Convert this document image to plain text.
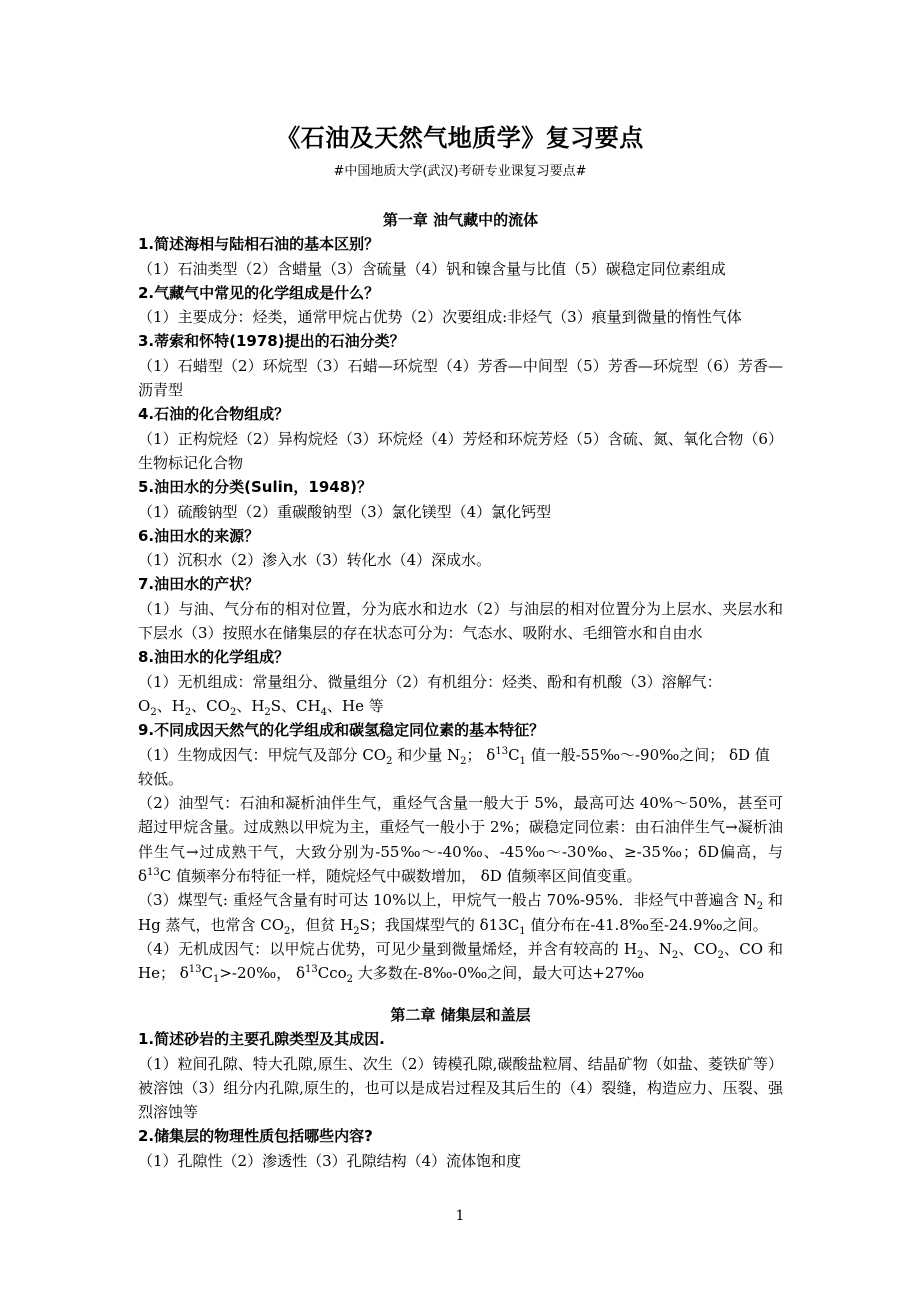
《石油及天然气地质学》复习要点
#中国地质大学(武汉)考研专业课复习要点#
第一章 油气藏中的流体
1.简述海相与陆相石油的基本区别？
（1）石油类型（2）含蜡量（3）含硫量（4）钒和镍含量与比值（5）碳稳定同位素组成
2.气藏气中常见的化学组成是什么？
（1）主要成分：烃类，通常甲烷占优势（2）次要组成:非烃气（3）痕量到微量的惰性气体
3.蒂索和怀特(1978)提出的石油分类？
（1）石蜡型（2）环烷型（3）石蜡—环烷型（4）芳香—中间型（5）芳香—环烷型（6）芳香—沥青型
4.石油的化合物组成？
（1）正构烷烃（2）异构烷烃（3）环烷烃（4）芳烃和环烷芳烃（5）含硫、氮、氧化合物（6）生物标记化合物
5.油田水的分类(Sulin，1948)？
（1）硫酸钠型（2）重碳酸钠型（3）氯化镁型（4）氯化钙型
6.油田水的来源？
（1）沉积水（2）渗入水（3）转化水（4）深成水。
7.油田水的产状？
（1）与油、气分布的相对位置，分为底水和边水（2）与油层的相对位置分为上层水、夹层水和下层水（3）按照水在储集层的存在状态可分为：气态水、吸附水、毛细管水和自由水
8.油田水的化学组成？
（1）无机组成：常量组分、微量组分（2）有机组分：烃类、酚和有机酸（3）溶解气：
$O_2$、$H_2$、$CO_2$、$H_2S$、$CH_4$、He 等
9.不同成因天然气的化学组成和碳氢稳定同位素的基本特征？
（1）生物成因气：甲烷气及部分 $CO_2$ 和少量 $N_2$； $\delta^{13}C_1$ 值一般-55‰～-90‰之间； δD 值
较低。
（2）油型气：石油和凝析油伴生气，重烃气含量一般大于 5%，最高可达 40%～50%，甚至可超过甲烷含量。过成熟以甲烷为主，重烃气一般小于 2%；碳稳定同位素：由石油伴生气→凝析油伴生气→过成熟干气，大致分别为-55‰～-40‰、-45‰～-30‰、≥-35‰；δD偏高，与 $\delta^{13}C$ 值频率分布特征一样，随烷烃气中碳数增加， δD 值频率区间值变重。
（3）煤型气: 重烃气含量有时可达 10%以上，甲烷气一般占 70%-95%．非烃气中普遍含 $N_2$ 和 Hg 蒸气，也常含 $CO_2$，但贫 $H_2S$；我国煤型气的 $\delta 13C_1$ 值分布在-41.8‰至-24.9‰之间。
（4）无机成因气：以甲烷占优势，可见少量到微量烯烃，并含有较高的 $H_2$、$N_2$、$CO_2$、CO 和 He； $\delta^{13}C_1>-20‰$， $\delta^{13}Cco_2$ 大多数在-8‰-0‰之间，最大可达+27‰
第二章 储集层和盖层
1.简述砂岩的主要孔隙类型及其成因.
（1）粒间孔隙、特大孔隙,原生、次生（2）铸模孔隙,碳酸盐粒屑、结晶矿物（如盐、菱铁矿等）被溶蚀（3）组分内孔隙,原生的，也可以是成岩过程及其后生的（4）裂缝，构造应力、压裂、强烈溶蚀等
2.储集层的物理性质包括哪些内容?
（1）孔隙性（2）渗透性（3）孔隙结构（4）流体饱和度
1
